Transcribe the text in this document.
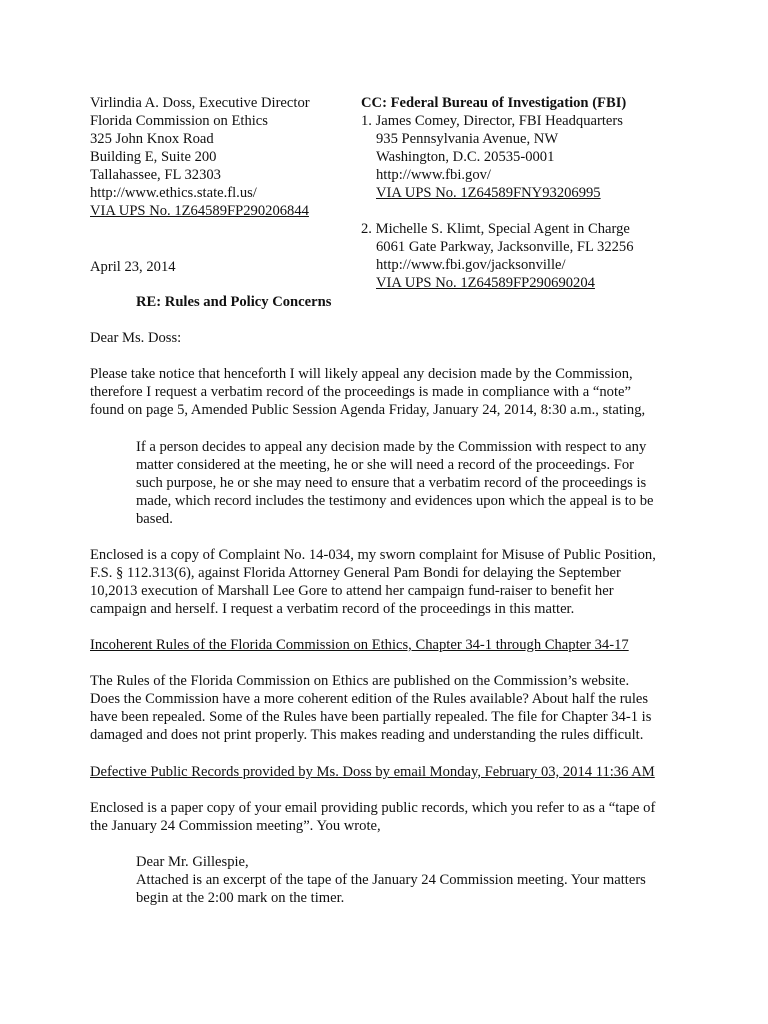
Virlindia A. Doss, Executive Director
Florida Commission on Ethics
325 John Knox Road
Building E, Suite 200
Tallahassee, FL 32303
http://www.ethics.state.fl.us/
VIA UPS No. 1Z64589FP290206844
CC: Federal Bureau of Investigation (FBI)
1. James Comey, Director, FBI Headquarters
935 Pennsylvania Avenue, NW
Washington, D.C. 20535-0001
http://www.fbi.gov/
VIA UPS No. 1Z64589FNY93206995
2. Michelle S. Klimt, Special Agent in Charge
6061 Gate Parkway, Jacksonville, FL 32256
http://www.fbi.gov/jacksonville/
VIA UPS No. 1Z64589FP290690204
April 23, 2014
RE: Rules and Policy Concerns
Dear Ms. Doss:
Please take notice that henceforth I will likely appeal any decision made by the Commission,
therefore I request a verbatim record of the proceedings is made in compliance with a “note”
found on page 5, Amended Public Session Agenda Friday, January 24, 2014, 8:30 a.m., stating,
If a person decides to appeal any decision made by the Commission with respect to any
matter considered at the meeting, he or she will need a record of the proceedings. For
such purpose, he or she may need to ensure that a verbatim record of the proceedings is
made, which record includes the testimony and evidences upon which the appeal is to be
based.
Enclosed is a copy of Complaint No. 14-034, my sworn complaint for Misuse of Public Position,
F.S. § 112.313(6), against Florida Attorney General Pam Bondi for delaying the September
10,2013 execution of Marshall Lee Gore to attend her campaign fund-raiser to benefit her
campaign and herself. I request a verbatim record of the proceedings in this matter.
Incoherent Rules of the Florida Commission on Ethics, Chapter 34-1 through Chapter 34-17
The Rules of the Florida Commission on Ethics are published on the Commission’s website.
Does the Commission have a more coherent edition of the Rules available? About half the rules
have been repealed. Some of the Rules have been partially repealed. The file for Chapter 34-1 is
damaged and does not print properly. This makes reading and understanding the rules difficult.
Defective Public Records provided by Ms. Doss by email Monday, February 03, 2014 11:36 AM
Enclosed is a paper copy of your email providing public records, which you refer to as a “tape of
the January 24 Commission meeting”. You wrote,
Dear Mr. Gillespie,
Attached is an excerpt of the tape of the January 24 Commission meeting. Your matters
begin at the 2:00 mark on the timer.
